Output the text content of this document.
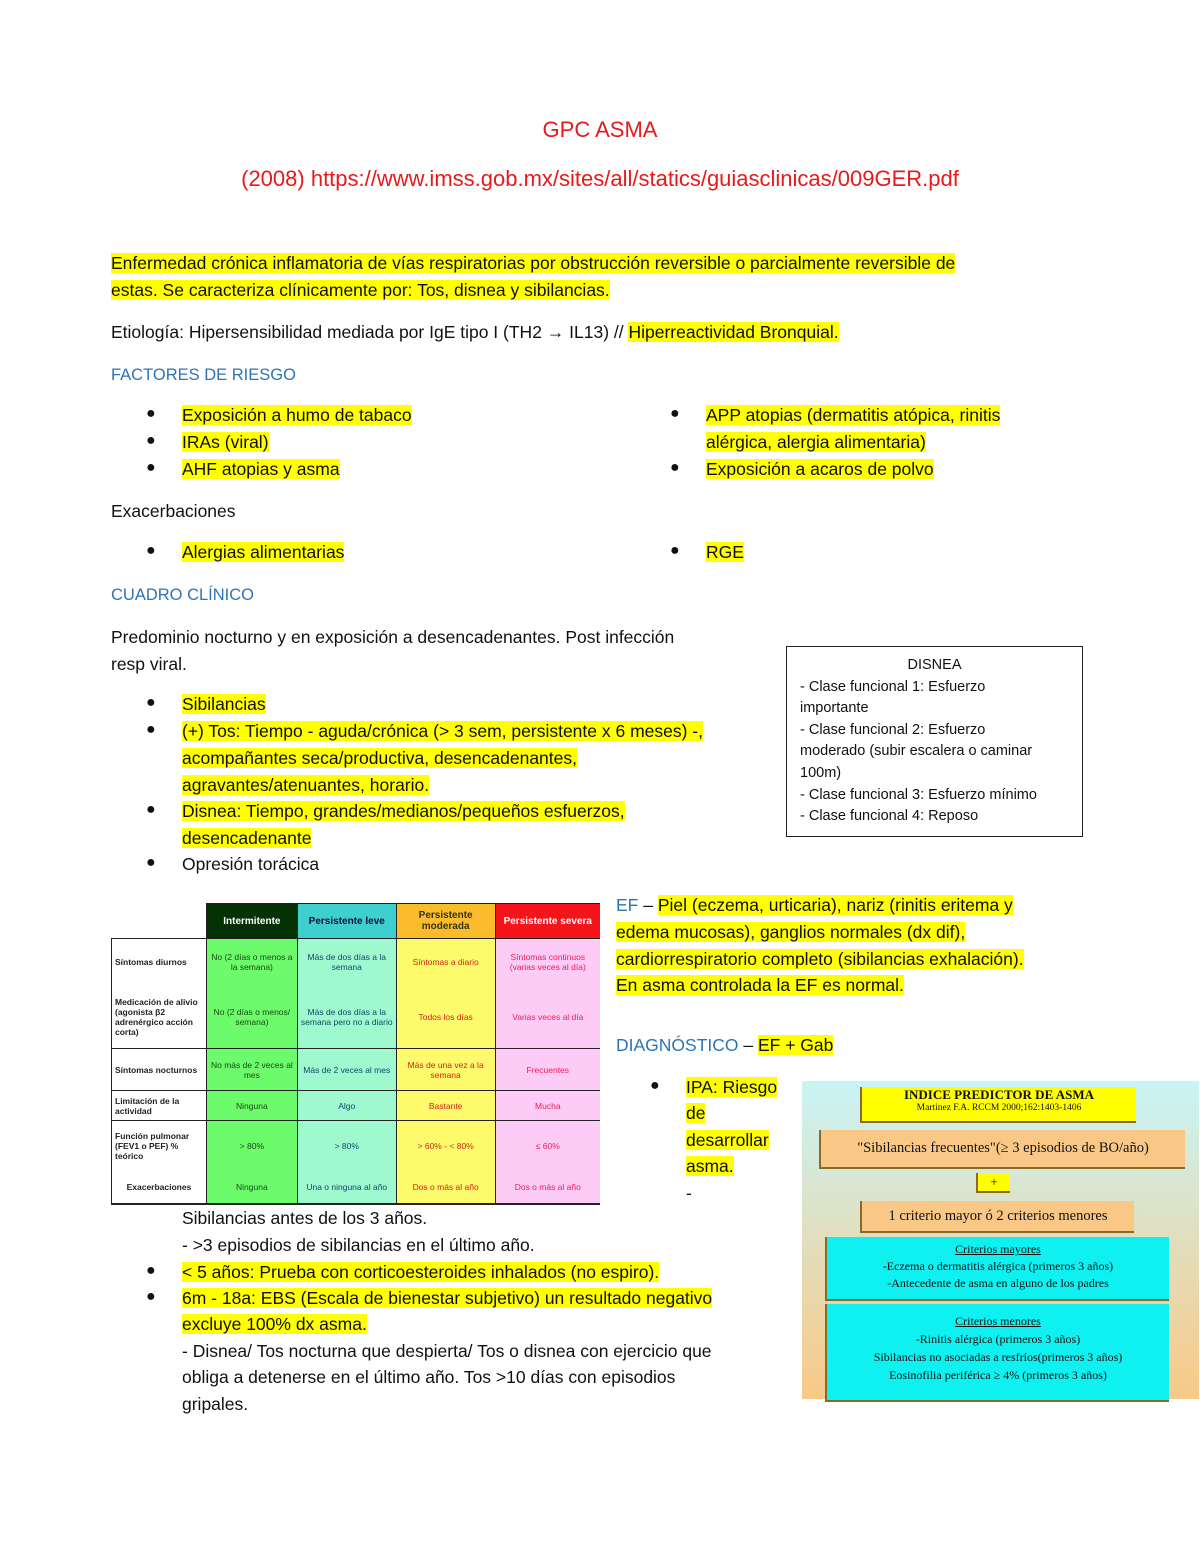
GPC ASMA
(2008) https://www.imss.gob.mx/sites/all/statics/guiasclinicas/009GER.pdf
Enfermedad crónica inflamatoria de vías respiratorias por obstrucción reversible o parcialmente reversible de
estas. Se caracteriza clínicamente por: Tos, disnea y sibilancias.
Etiología: Hipersensibilidad mediada por IgE tipo I (TH2 → IL13) // Hiperreactividad Bronquial.
FACTORES DE RIESGO
● Exposición a humo de tabaco
● IRAs (viral)
● AHF atopias y asma
● APP atopias (dermatitis atópica, rinitis
alérgica, alergia alimentaria)
● Exposición a acaros de polvo
Exacerbaciones
● Alergias alimentarias	● RGE
CUADRO CLÍNICO
Predominio nocturno y en exposición a desencadenantes. Post infección
resp viral.
● Sibilancias
● (+) Tos: Tiempo - aguda/crónica (> 3 sem, persistente x 6 meses) -,
acompañantes seca/productiva, desencadenantes,
agravantes/atenuantes, horario.
● Disnea: Tiempo, grandes/medianos/pequeños esfuerzos,
desencadenante
● Opresión torácica
DISNEA
- Clase funcional 1: Esfuerzo
importante
- Clase funcional 2: Esfuerzo
moderado (subir escalera o caminar
100m)
- Clase funcional 3: Esfuerzo mínimo
- Clase funcional 4: Reposo
	Intermitente	Persistente leve	Persistente moderada	Persistente severa
Síntomas diurnos	No (2 días o menos a la semana)	Más de dos días a la semana	Síntomas a diario	Síntomas continuos (varias veces al día)
Medicación de alivio (agonista β2 adrenérgico acción corta)	No (2 días o menos/ semana)	Más de dos días a la semana pero no a diario	Todos los días	Varias veces al día
Síntomas nocturnos	No más de 2 veces al mes	Más de 2 veces al mes	Más de una vez a la semana	Frecuentes
Limitación de la actividad	Ninguna	Algo	Bastante	Mucha
Función pulmonar (FEV1 o PEF) % teórico	> 80%	> 80%	> 60% - < 80%	≤ 60%
Exacerbaciones	Ninguna	Una o ninguna al año	Dos o más al año	Dos o más al año
EF – Piel (eczema, urticaria), nariz (rinitis eritema y
edema mucosas), ganglios normales (dx dif),
cardiorrespiratorio completo (sibilancias exhalación).
En asma controlada la EF es normal.
DIAGNÓSTICO – EF + Gab
● IPA: Riesgo
de
desarrollar
asma.
-
INDICE PREDICTOR DE ASMA
Martinez F.A. RCCM 2000;162:1403-1406
"Sibilancias frecuentes"(≥ 3 episodios de BO/año)
+
1 criterio mayor ó 2 criterios menores
Criterios mayores
-Eczema o dermatitis alérgica (primeros 3 años)
-Antecedente de asma en alguno de los padres
Criterios menores
-Rinitis alérgica (primeros 3 años)
Sibilancias no asociadas a resfríos(primeros 3 años)
Eosinofilia periférica ≥ 4% (primeros 3 años)
Sibilancias antes de los 3 años.
- >3 episodios de sibilancias en el último año.
● < 5 años: Prueba con corticoesteroides inhalados (no espiro).
● 6m - 18a: EBS (Escala de bienestar subjetivo) un resultado negativo
excluye 100% dx asma.
- Disnea/ Tos nocturna que despierta/ Tos o disnea con ejercicio que
obliga a detenerse en el último año. Tos >10 días con episodios
gripales.
